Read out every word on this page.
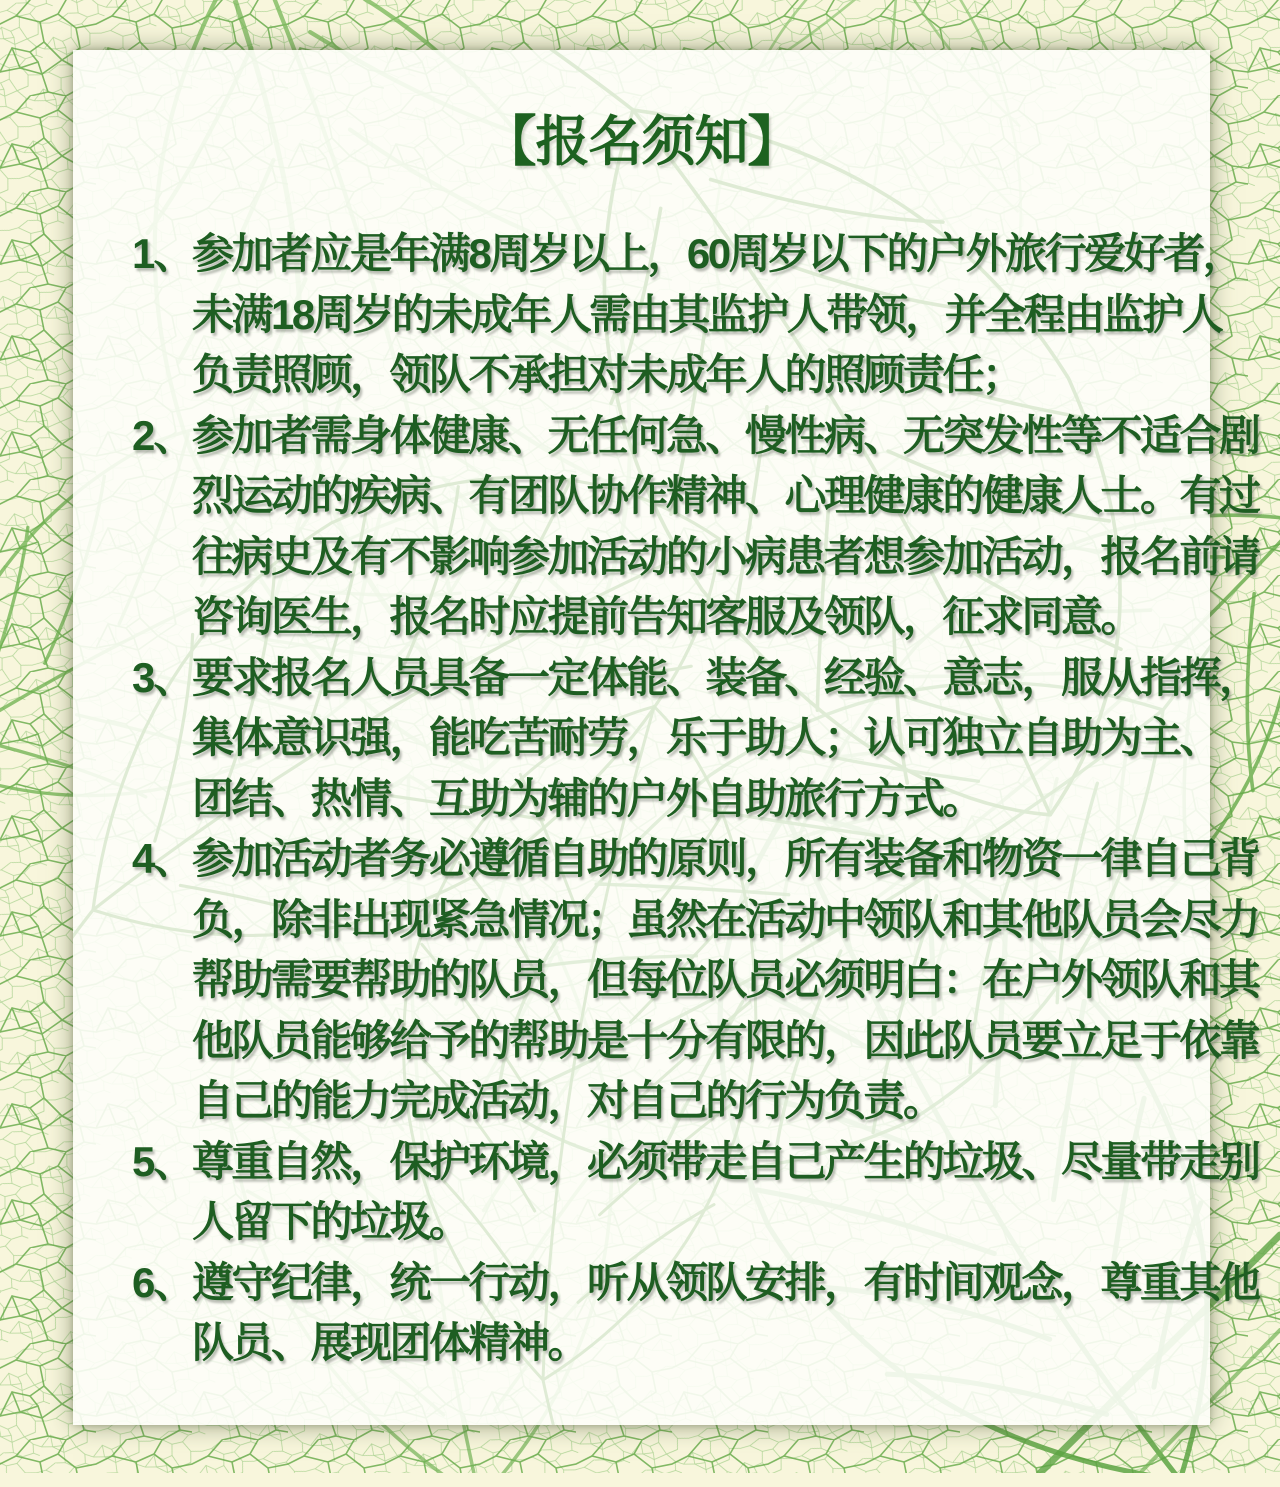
【报名须知】
1、
参加者应是年满8周岁以上，60周岁以下的户外旅行爱好者，
未满18周岁的未成年人需由其监护人带领，并全程由监护人
负责照顾，领队不承担对未成年人的照顾责任；
2、
参加者需身体健康、无任何急、慢性病、无突发性等不适合剧
烈运动的疾病、有团队协作精神、心理健康的健康人士。有过
往病史及有不影响参加活动的小病患者想参加活动，报名前请
咨询医生，报名时应提前告知客服及领队，征求同意。
3、
要求报名人员具备一定体能、装备、经验、意志，服从指挥，
集体意识强，能吃苦耐劳，乐于助人；认可独立自助为主、
团结、热情、互助为辅的户外自助旅行方式。
4、
参加活动者务必遵循自助的原则，所有装备和物资一律自己背
负，除非出现紧急情况；虽然在活动中领队和其他队员会尽力
帮助需要帮助的队员，但每位队员必须明白：在户外领队和其
他队员能够给予的帮助是十分有限的，因此队员要立足于依靠
自己的能力完成活动，对自己的行为负责。
5、
尊重自然，保护环境，必须带走自己产生的垃圾、尽量带走别
人留下的垃圾。
6、
遵守纪律，统一行动，听从领队安排，有时间观念，尊重其他
队员、展现团体精神。
